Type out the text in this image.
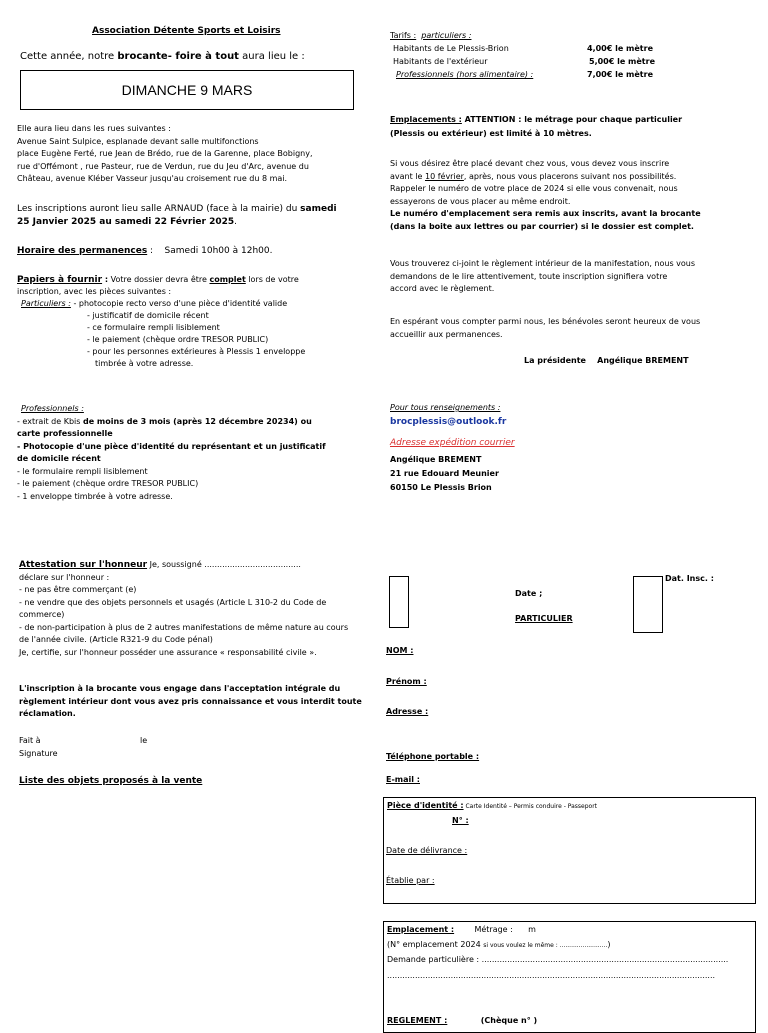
Association Détente Sports et Loisirs
Cette année, notre brocante- foire à tout aura lieu le :
DIMANCHE 9 MARS
Elle aura lieu dans les rues suivantes :
Avenue Saint Sulpice, esplanade devant salle multifonctions
place Eugène Ferté, rue Jean de Brédo, rue de la Garenne, place Bobigny,
rue d'Offémont , rue Pasteur, rue de Verdun, rue du Jeu d'Arc, avenue du
Château, avenue Kléber Vasseur jusqu'au croisement rue du 8 mai.
Les inscriptions auront lieu salle ARNAUD (face à la mairie) du samedi
25 Janvier 2025 au samedi 22 Février 2025.
Horaire des permanences : Samedi 10h00 à 12h00.
Papiers à fournir : Votre dossier devra être complet lors de votre
inscription, avec les pièces suivantes :
Particuliers : - photocopie recto verso d'une pièce d'identité valide
- justificatif de domicile récent
- ce formulaire rempli lisiblement
- le paiement (chèque ordre TRESOR PUBLIC)
- pour les personnes extérieures à Plessis 1 enveloppe
timbrée à votre adresse.
Professionnels :
- extrait de Kbis de moins de 3 mois (après 12 décembre 20234) ou
carte professionnelle
- Photocopie d'une pièce d'identité du représentant et un justificatif
de domicile récent
- le formulaire rempli lisiblement
- le paiement (chèque ordre TRESOR PUBLIC)
- 1 enveloppe timbrée à votre adresse.
Attestation sur l'honneur Je, soussigné ......................................
déclare sur l'honneur :
- ne pas être commerçant (e)
- ne vendre que des objets personnels et usagés (Article L 310-2 du Code de
commerce)
- de non-participation à plus de 2 autres manifestations de même nature au cours
de l'année civile. (Article R321-9 du Code pénal)
Je, certifie, sur l'honneur posséder une assurance « responsabilité civile ».
L'inscription à la brocante vous engage dans l'acceptation intégrale du
règlement intérieur dont vous avez pris connaissance et vous interdit toute
réclamation.
Fait à	le
Signature
Liste des objets proposés à la vente
Tarifs : particuliers :
Habitants de Le Plessis-Brion	4,00€ le mètre
Habitants de l'extérieur	5,00€ le mètre
Professionnels (hors alimentaire) :	7,00€ le mètre
Emplacements : ATTENTION : le métrage pour chaque particulier
(Plessis ou extérieur) est limité à 10 mètres.
Si vous désirez être placé devant chez vous, vous devez vous inscrire
avant le 10 février, après, nous vous placerons suivant nos possibilités.
Rappeler le numéro de votre place de 2024 si elle vous convenait, nous
essayerons de vous placer au même endroit.
Le numéro d'emplacement sera remis aux inscrits, avant la brocante
(dans la boite aux lettres ou par courrier) si le dossier est complet.
Vous trouverez ci-joint le règlement intérieur de la manifestation, nous vous
demandons de le lire attentivement, toute inscription signifiera votre
accord avec le règlement.
En espérant vous compter parmi nous, les bénévoles seront heureux de vous
accueillir aux permanences.
La présidente Angélique BREMENT
Pour tous renseignements :
brocplessis@outlook.fr
Adresse expédition courrier
Angélique BREMENT
21 rue Edouard Meunier
60150 Le Plessis Brion
Dat. Insc. :
Date ;
PARTICULIER
NOM :
Prénom :
Adresse :
Téléphone portable :
E-mail :
Pièce d'identité : Carte Identité – Permis conduire - Passeport
N° :
Date de délivrance :
Établie par :
Emplacement :	Métrage : m
(N° emplacement 2024 si vous voulez le même : .........................)
Demande particulière : .................................................................................................
.................................................................................................................................
REGLEMENT :	(Chèque n° )
